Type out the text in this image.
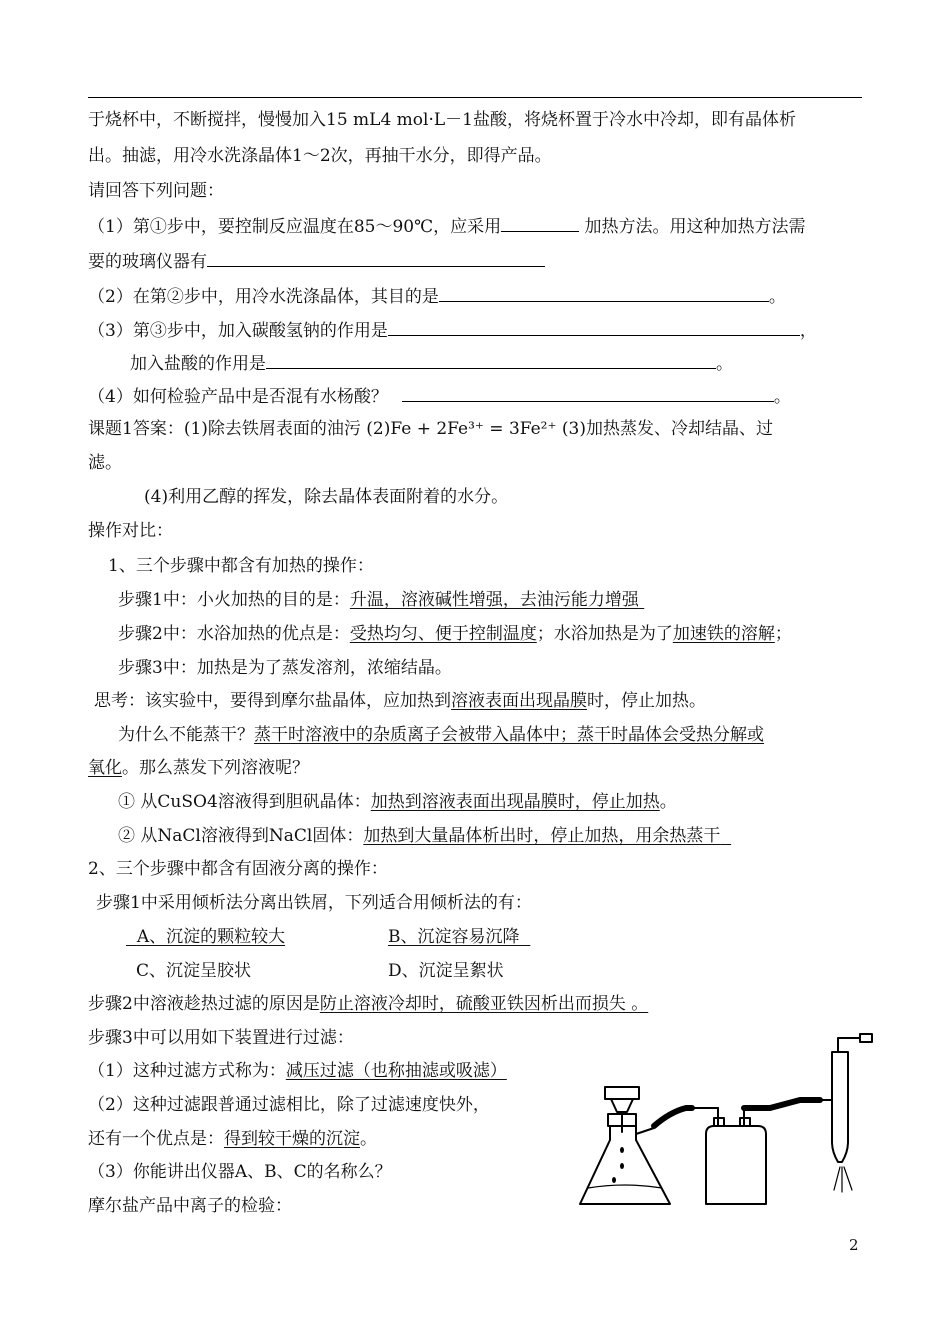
于烧杯中，不断搅拌，慢慢加入15 mL4 mol·L－1盐酸，将烧杯置于冷水中冷却，即有晶体析
出。抽滤，用冷水洗涤晶体1～2次，再抽干水分，即得产品。
请回答下列问题：
（1）第①步中，要控制反应温度在85～90℃，应采用	加热方法。用这种加热方法需
要的玻璃仪器有
（2）在第②步中，用冷水洗涤晶体，其目的是	。
（3）第③步中，加入碳酸氢钠的作用是	，
加入盐酸的作用是	。
（4）如何检验产品中是否混有水杨酸？	。
课题1答案：(1)除去铁屑表面的油污 (2)Fe + 2Fe³⁺ = 3Fe²⁺ (3)加热蒸发、冷却结晶、过
滤。
(4)利用乙醇的挥发，除去晶体表面附着的水分。
操作对比：
1、三个步骤中都含有加热的操作：
步骤1中：小火加热的目的是：升温，溶液碱性增强，去油污能力增强
步骤2中：水浴加热的优点是：受热均匀、便于控制温度；水浴加热是为了加速铁的溶解；
步骤3中：加热是为了蒸发溶剂，浓缩结晶。
思考：该实验中，要得到摩尔盐晶体，应加热到溶液表面出现晶膜时，停止加热。
为什么不能蒸干？蒸干时溶液中的杂质离子会被带入晶体中；蒸干时晶体会受热分解或
氧化。那么蒸发下列溶液呢？
① 从CuSO4溶液得到胆矾晶体：加热到溶液表面出现晶膜时，停止加热。
② 从NaCl溶液得到NaCl固体：加热到大量晶体析出时，停止加热，用余热蒸干
2、三个步骤中都含有固液分离的操作：
步骤1中采用倾析法分离出铁屑，下列适合用倾析法的有：
A、沉淀的颗粒较大	B、沉淀容易沉降
C、沉淀呈胶状	D、沉淀呈絮状
步骤2中溶液趁热过滤的原因是防止溶液冷却时，硫酸亚铁因析出而损失 。
步骤3中可以用如下装置进行过滤：
（1）这种过滤方式称为：减压过滤（也称抽滤或吸滤）
（2）这种过滤跟普通过滤相比，除了过滤速度快外，
还有一个优点是：得到较干燥的沉淀。
（3）你能讲出仪器A、B、C的名称么？
摩尔盐产品中离子的检验：
2
